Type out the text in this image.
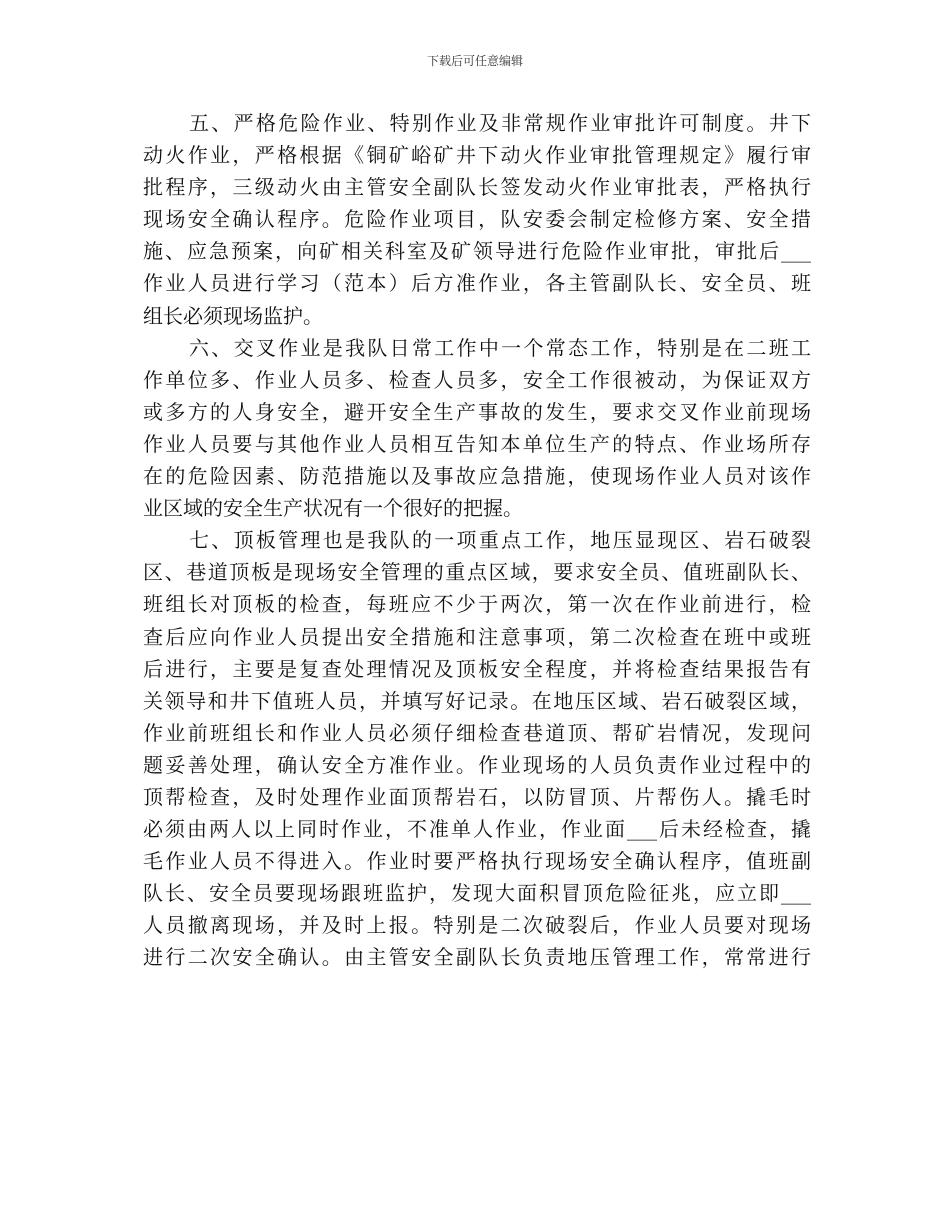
下载后可任意编辑
五、严格危险作业、特别作业及非常规作业审批许可制度。井下
动火作业，严格根据《铜矿峪矿井下动火作业审批管理规定》履行审
批程序，三级动火由主管安全副队长签发动火作业审批表，严格执行
现场安全确认程序。危险作业项目，队安委会制定检修方案、安全措
施、应急预案，向矿相关科室及矿领导进行危险作业审批，审批后___
作业人员进行学习（范本）后方准作业，各主管副队长、安全员、班
组长必须现场监护。
六、交叉作业是我队日常工作中一个常态工作，特别是在二班工
作单位多、作业人员多、检查人员多，安全工作很被动，为保证双方
或多方的人身安全，避开安全生产事故的发生，要求交叉作业前现场
作业人员要与其他作业人员相互告知本单位生产的特点、作业场所存
在的危险因素、防范措施以及事故应急措施，使现场作业人员对该作
业区域的安全生产状况有一个很好的把握。
七、顶板管理也是我队的一项重点工作，地压显现区、岩石破裂
区、巷道顶板是现场安全管理的重点区域，要求安全员、值班副队长、
班组长对顶板的检查，每班应不少于两次，第一次在作业前进行，检
查后应向作业人员提出安全措施和注意事项，第二次检查在班中或班
后进行，主要是复查处理情况及顶板安全程度，并将检查结果报告有
关领导和井下值班人员，并填写好记录。在地压区域、岩石破裂区域，
作业前班组长和作业人员必须仔细检查巷道顶、帮矿岩情况，发现问
题妥善处理，确认安全方准作业。作业现场的人员负责作业过程中的
顶帮检查，及时处理作业面顶帮岩石，以防冒顶、片帮伤人。撬毛时
必须由两人以上同时作业，不准单人作业，作业面___后未经检查，撬
毛作业人员不得进入。作业时要严格执行现场安全确认程序，值班副
队长、安全员要现场跟班监护，发现大面积冒顶危险征兆，应立即___
人员撤离现场，并及时上报。特别是二次破裂后，作业人员要对现场
进行二次安全确认。由主管安全副队长负责地压管理工作，常常进行
